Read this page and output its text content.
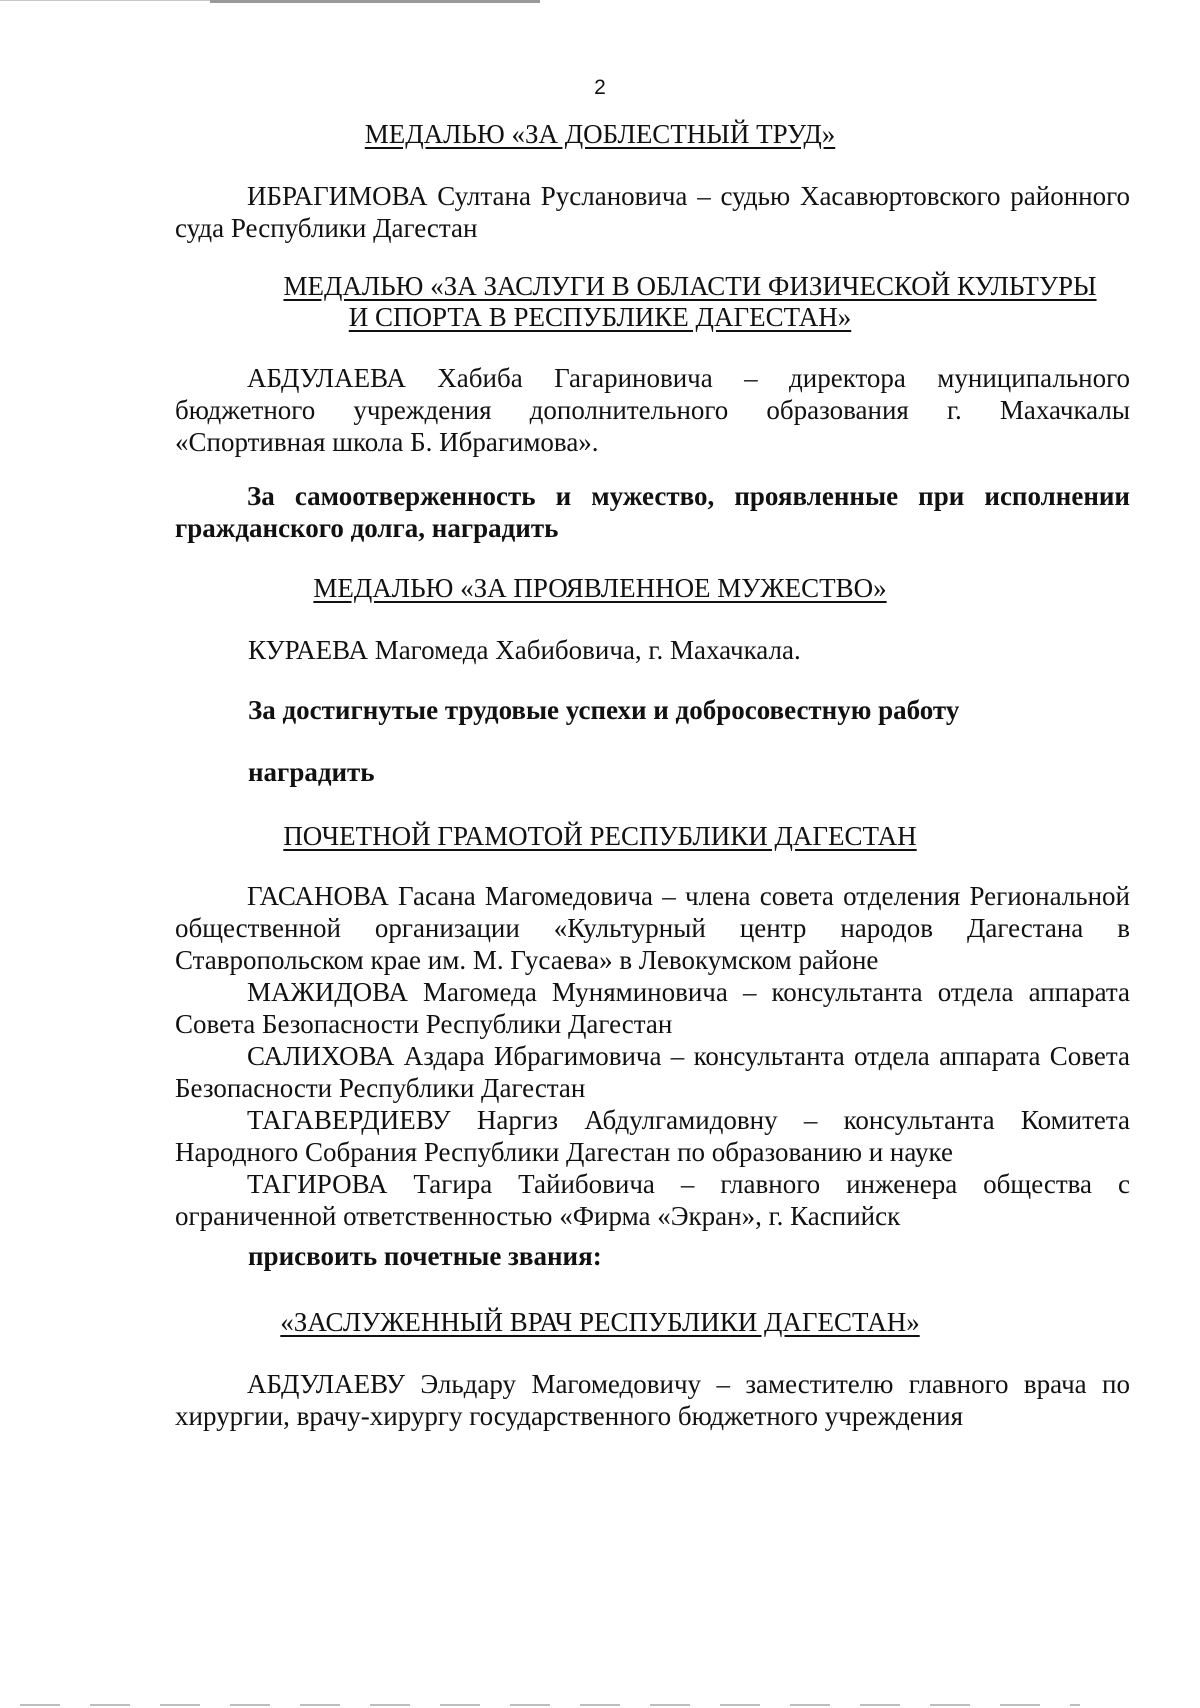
2
МЕДАЛЬЮ «ЗА ДОБЛЕСТНЫЙ ТРУД»

ИБРАГИМОВА Султана Руслановича – судью Хасавюртовского районного суда Республики Дагестан

МЕДАЛЬЮ «ЗА ЗАСЛУГИ В ОБЛАСТИ ФИЗИЧЕСКОЙ КУЛЬТУРЫ
И СПОРТА В РЕСПУБЛИКЕ ДАГЕСТАН»

АБДУЛАЕВА Хабиба Гагариновича – директора муниципального бюджетного учреждения дополнительного образования г. Махачкалы «Спортивная школа Б. Ибрагимова».

За самоотверженность и мужество, проявленные при исполнении гражданского долга, наградить

МЕДАЛЬЮ «ЗА ПРОЯВЛЕННОЕ МУЖЕСТВО»

КУРАЕВА Магомеда Хабибовича, г. Махачкала.

За достигнутые трудовые успехи и добросовестную работу

наградить

ПОЧЕТНОЙ ГРАМОТОЙ РЕСПУБЛИКИ ДАГЕСТАН

ГАСАНОВА Гасана Магомедовича – члена совета отделения Региональной общественной организации «Культурный центр народов Дагестана в Ставропольском крае им. М. Гусаева» в Левокумском районе

МАЖИДОВА Магомеда Муняминовича – консультанта отдела аппарата Совета Безопасности Республики Дагестан

САЛИХОВА Аздара Ибрагимовича – консультанта отдела аппарата Совета Безопасности Республики Дагестан

ТАГАВЕРДИЕВУ Наргиз Абдулгамидовну – консультанта Комитета Народного Собрания Республики Дагестан по образованию и науке

ТАГИРОВА Тагира Тайибовича – главного инженера общества с ограниченной ответственностью «Фирма «Экран», г. Каспийск

присвоить почетные звания:

«ЗАСЛУЖЕННЫЙ ВРАЧ РЕСПУБЛИКИ ДАГЕСТАН»

АБДУЛАЕВУ Эльдару Магомедовичу – заместителю главного врача по хирургии, врачу-хирургу государственного бюджетного учреждения
